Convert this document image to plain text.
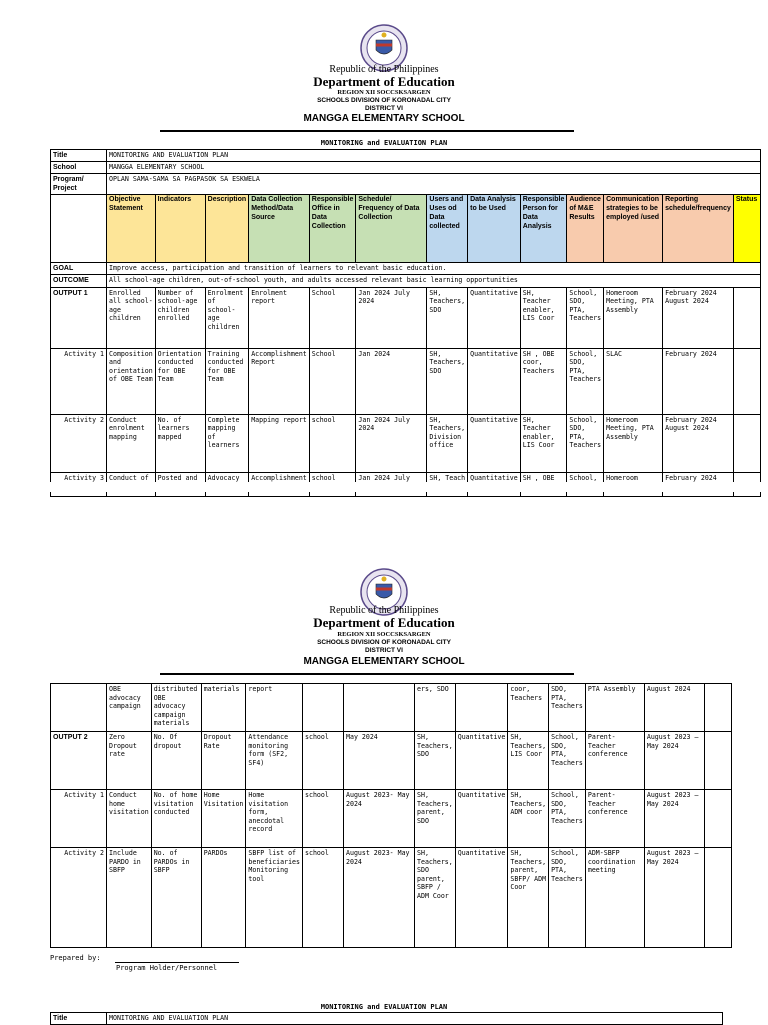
Republic of the Philippines
Department of Education
REGION XII SOCCSKSARGEN
SCHOOLS DIVISION OF KORONADAL CITY
DISTRICT VI
MANGGA ELEMENTARY SCHOOL
MONITORING and EVALUATION PLAN
Title	MONITORING AND EVALUATION PLAN												
School	MANGGA ELEMENTARY SCHOOL												
Program/ Project	OPLAN SAMA-SAMA SA PAGPASOK SA ESKWELA												
	Objective Statement	Indicators	Description	Data Collection Method/Data Source	Responsible Office in Data Collection	Schedule/ Frequency of Data Collection	Users and Uses od Data collected	Data Analysis to be Used	Responsible Person for Data Analysis	Audience of M&E Results	Communication strategies to be employed /used	Reporting schedule/frequency	Status
GOAL	Improve access, participation and transition of learners to relevant basic education.												
OUTCOME	All school-age children, out-of-school youth, and adults accessed relevant basic learning opportunities												
OUTPUT 1	Enrolled all school-age children	Number of school-age children enrolled	Enrolment of school-age children	Enrolment report	School	Jan 2024 July 2024	SH, Teachers, SDO	Quantitative	SH, Teacher enabler, LIS Coor	School, SDO, PTA, Teachers	Homeroom Meeting, PTA Assembly	February 2024 August 2024	
Activity 1	Composition and orientation of OBE Team	Orientation conducted for OBE Team	Training conducted for OBE Team	Accomplishment Report	School	Jan 2024	SH, Teachers, SDO	Quantitative	SH , OBE coor, Teachers	School, SDO, PTA, Teachers	SLAC	February 2024	
Activity 2	Conduct enrolment mapping	No. of learners mapped	Complete mapping of learners	Mapping report	school	Jan 2024 July 2024	SH, Teachers, Division office	Quantitative	SH, Teacher enabler, LIS Coor	School, SDO, PTA, Teachers	Homeroom Meeting, PTA Assembly	February 2024 August 2024	
Activity 3	Conduct of	Posted and	Advocacy	Accomplishment	school	Jan 2024 July	SH, Teach	Quantitative	SH , OBE	School,	Homeroom	February 2024	
Republic of the Philippines
Department of Education
REGION XII SOCCSKSARGEN
SCHOOLS DIVISION OF KORONADAL CITY
DISTRICT VI
MANGGA ELEMENTARY SCHOOL
	OBE advocacy campaign	distributed OBE advocacy campaign materials	materials	report			ers, SDO		coor, Teachers	SDO, PTA, Teachers	PTA Assembly	August 2024	
OUTPUT 2	Zero Dropout rate	No. Of dropout	Dropout Rate	Attendance monitoring form (SF2, SF4)	school	May 2024	SH, Teachers, SDO	Quantitative	SH, Teachers, LIS Coor	School, SDO, PTA, Teachers	Parent-Teacher conference	August 2023 – May 2024	
Activity 1	Conduct home visitation	No. of home visitation conducted	Home Visitation	Home visitation form, anecdotal record	school	August 2023- May 2024	SH, Teachers, parent, SDO	Quantitative	SH, Teachers, ADM coor	School, SDO, PTA, Teachers	Parent-Teacher conference	August 2023 – May 2024	
Activity 2	Include PARDO in SBFP	No. of PARDOs in SBFP	PARDOs	SBFP list of beneficiaries Monitoring tool	school	August 2023- May 2024	SH, Teachers, SDO parent, SBFP / ADM Coor	Quantitative	SH, Teachers, parent, SBFP/ ADM Coor	School, SDO, PTA, Teachers	ADM-SBFP coordination meeting	August 2023 – May 2024	
Prepared by:
Program Holder/Personnel
MONITORING and EVALUATION PLAN
Title	MONITORING AND EVALUATION PLAN
